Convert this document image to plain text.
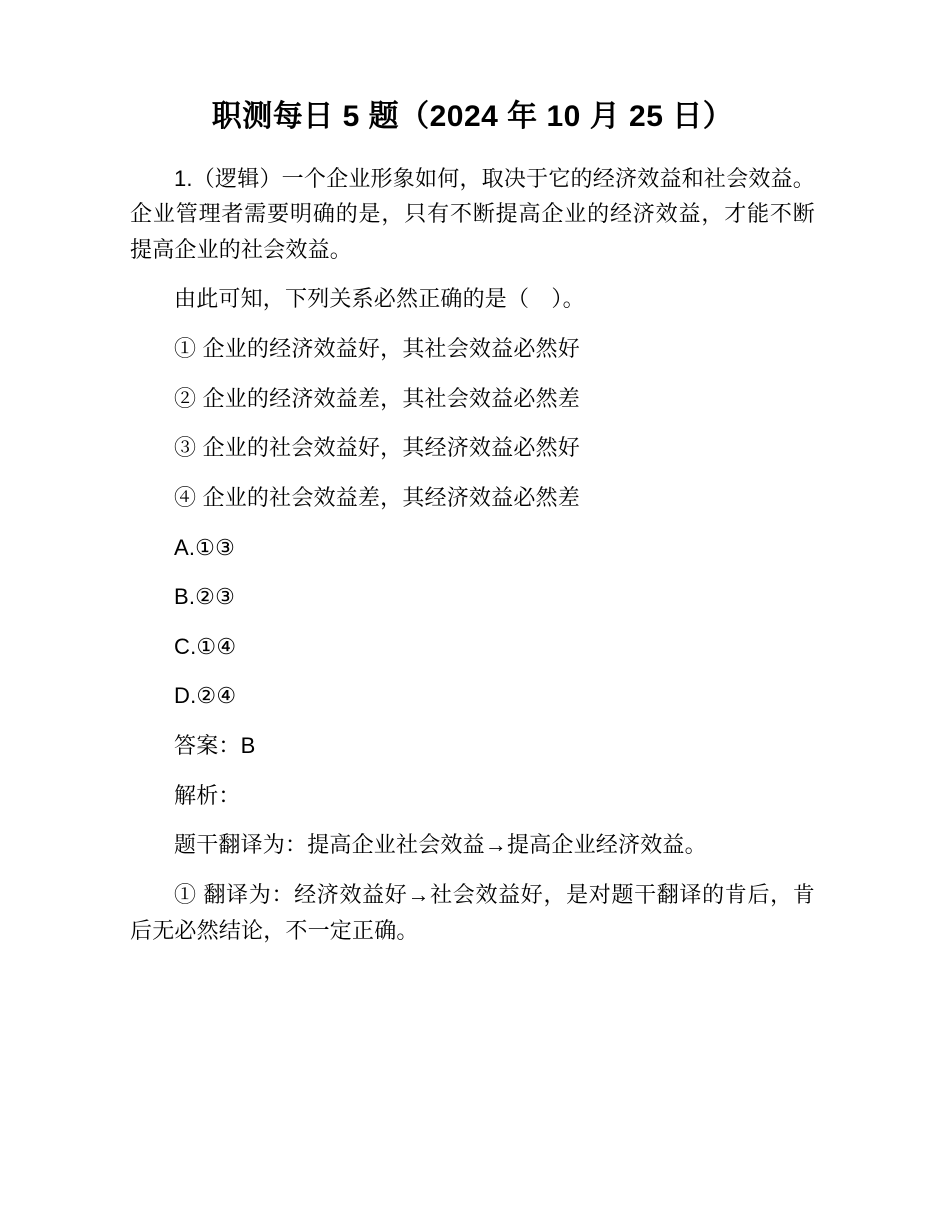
职测每日 5 题（2024 年 10 月 25 日）

1.（逻辑）一个企业形象如何，取决于它的经济效益和社会效益。企业管理者需要明确的是，只有不断提高企业的经济效益，才能不断提高企业的社会效益。

由此可知，下列关系必然正确的是（　）。

① 企业的经济效益好，其社会效益必然好

② 企业的经济效益差，其社会效益必然差

③ 企业的社会效益好，其经济效益必然好

④ 企业的社会效益差，其经济效益必然差

A.①③

B.②③

C.①④

D.②④

答案：B

解析：

题干翻译为：提高企业社会效益→提高企业经济效益。

① 翻译为：经济效益好→社会效益好，是对题干翻译的肯后，肯后无必然结论，不一定正确。
